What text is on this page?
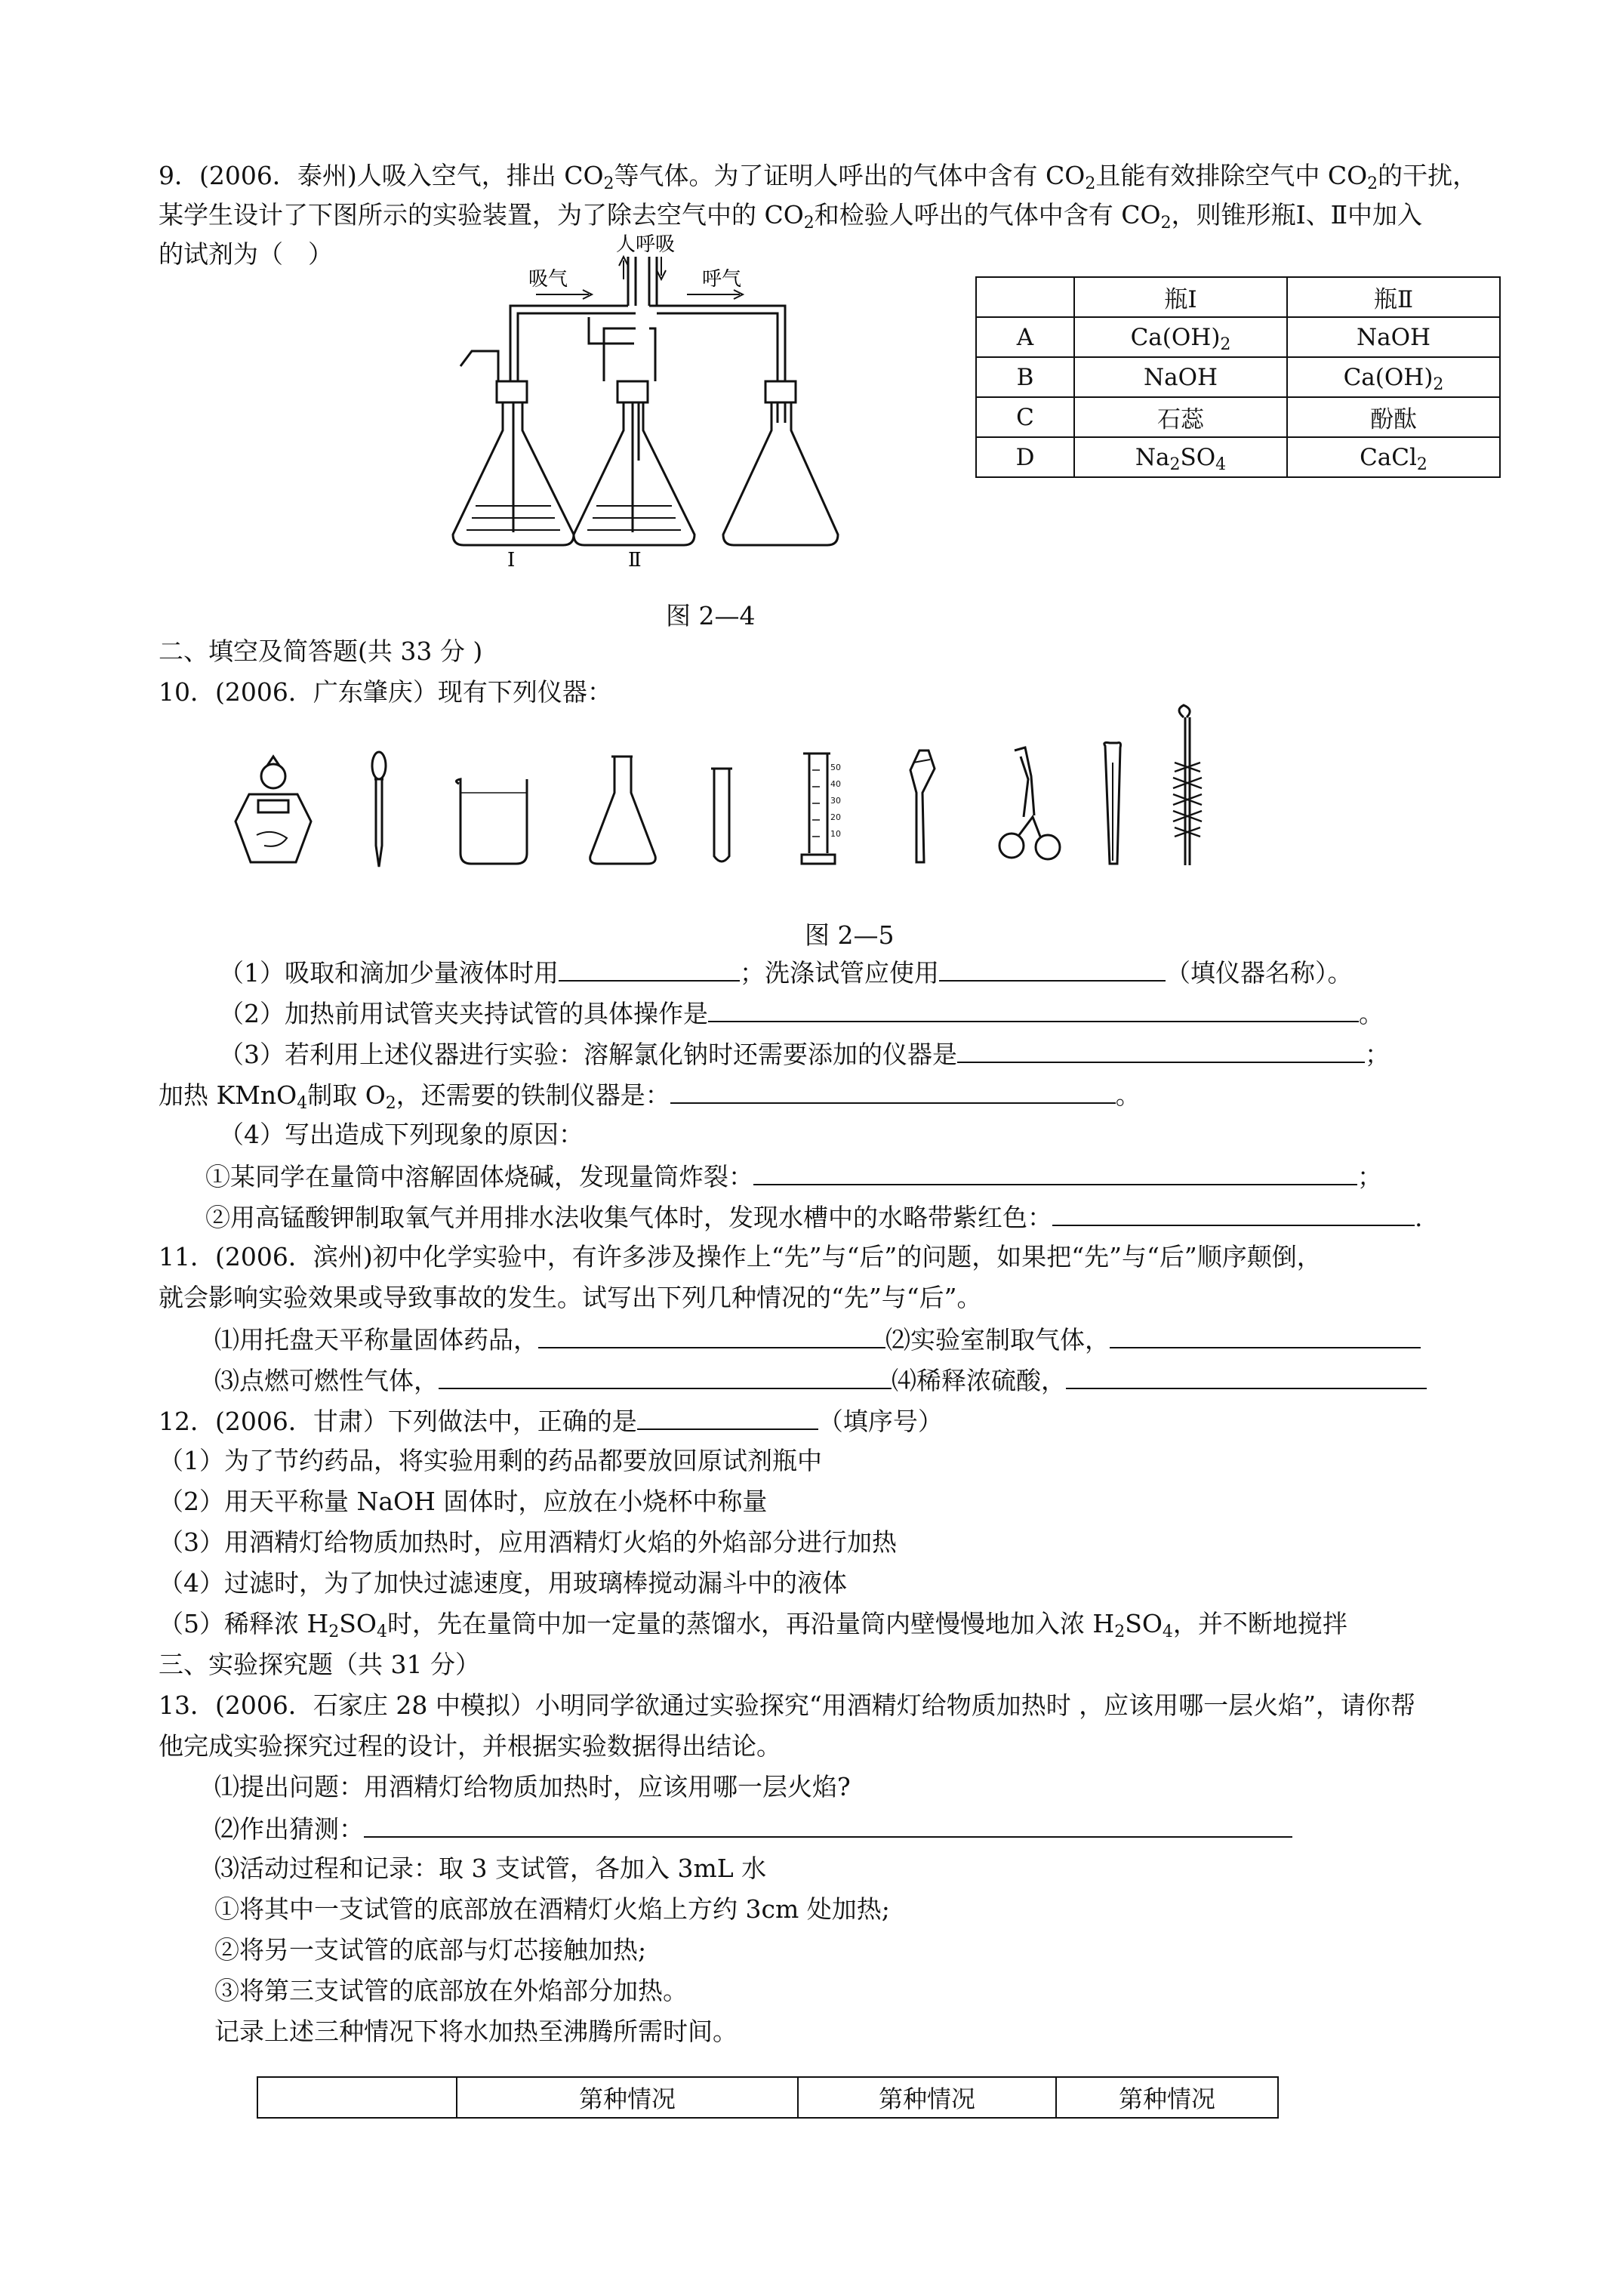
9．(2006．泰州)人吸入空气，排出 $CO_2$等气体。为了证明人呼出的气体中含有 $CO_2$且能有效排除空气中 $CO_2$的干扰，
某学生设计了下图所示的实验装置，为了除去空气中的 $CO_2$和检验人呼出的气体中含有 $CO_2$，则锥形瓶Ⅰ、Ⅱ中加入
的试剂为（　）	人呼吸
吸气	呼气
Ⅰ	Ⅱ
	瓶Ⅰ	瓶Ⅱ
A	$Ca(OH)_2$	NaOH
B	NaOH	$Ca(OH)_2$
C	石蕊	酚酞
D	$Na_2SO_4$	CaCl$_2$
图 2—4
二、填空及简答题(共 33 分 )
10．(2006．广东肇庆）现有下列仪器：
50
40
30
20
10
图 2—5
（1）吸取和滴加少量液体时用	；洗涤试管应使用	（填仪器名称）。
（2）加热前用试管夹夹持试管的具体操作是	。
（3）若利用上述仪器进行实验：溶解氯化钠时还需要添加的仪器是	；
加热 KMnO$_4$制取 $O_2$，还需要的铁制仪器是：	。
（4）写出造成下列现象的原因：
①某同学在量筒中溶解固体烧碱，发现量筒炸裂：	；
②用高锰酸钾制取氧气并用排水法收集气体时，发现水槽中的水略带紫红色：	.
11．(2006．滨州)初中化学实验中，有许多涉及操作上“先”与“后”的问题，如果把“先”与“后”顺序颠倒，
就会影响实验效果或导致事故的发生。试写出下列几种情况的“先”与“后”。
⑴用托盘天平称量固体药品，	⑵实验室制取气体，
⑶点燃可燃性气体，	⑷稀释浓硫酸，
12．(2006．甘肃）下列做法中，正确的是	（填序号）
（1）为了节约药品，将实验用剩的药品都要放回原试剂瓶中
（2）用天平称量 NaOH 固体时，应放在小烧杯中称量
（3）用酒精灯给物质加热时，应用酒精灯火焰的外焰部分进行加热
（4）过滤时，为了加快过滤速度，用玻璃棒搅动漏斗中的液体
（5）稀释浓 $H_2SO_4$时，先在量筒中加一定量的蒸馏水，再沿量筒内壁慢慢地加入浓 $H_2SO_4$，并不断地搅拌
三、实验探究题（共 31 分）
13．(2006．石家庄 28 中模拟）小明同学欲通过实验探究“用酒精灯给物质加热时 ，应该用哪一层火焰”，请你帮
他完成实验探究过程的设计，并根据实验数据得出结论。
⑴提出问题：用酒精灯给物质加热时，应该用哪一层火焰?
⑵作出猜测：
⑶活动过程和记录：取 3 支试管，各加入 3mL 水
①将其中一支试管的底部放在酒精灯火焰上方约 3cm 处加热;
②将另一支试管的底部与灯芯接触加热;
③将第三支试管的底部放在外焰部分加热。
记录上述三种情况下将水加热至沸腾所需时间。
	第种情况	第种情况	第种情况
